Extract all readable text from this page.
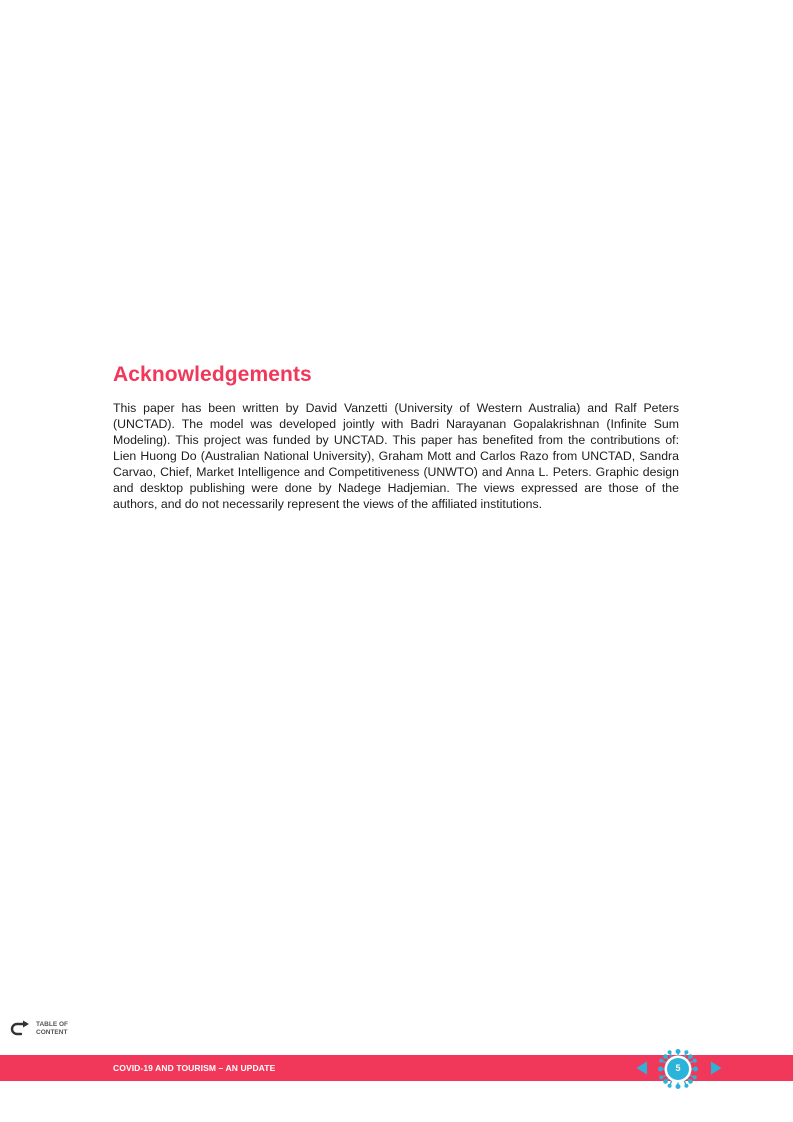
Acknowledgements

This paper has been written by David Vanzetti (University of Western Australia) and Ralf Peters (UNCTAD). The model was developed jointly with Badri Narayanan Gopalakrishnan (Infinite Sum Modeling). This project was funded by UNCTAD. This paper has benefited from the contributions of: Lien Huong Do (Australian National University), Graham Mott and Carlos Razo from UNCTAD, Sandra Carvao, Chief, Market Intelligence and Competitiveness (UNWTO) and Anna L. Peters. Graphic design and desktop publishing were done by Nadege Hadjemian. The views expressed are those of the authors, and do not necessarily represent the views of the affiliated institutions.

TABLE OF CONTENT
COVID-19 AND TOURISM – AN UPDATE	5
